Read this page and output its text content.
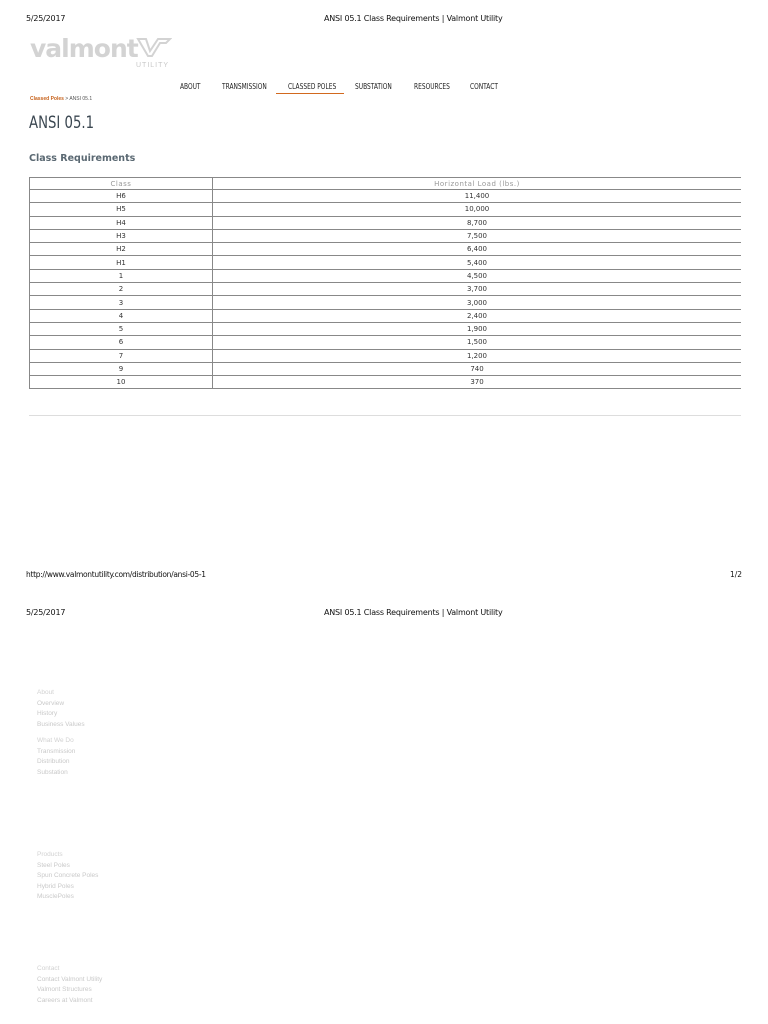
5/25/2017	ANSI 05.1 Class Requirements | Valmont Utility
valmont
UTILITY
ABOUT	TRANSMISSION	CLASSED POLES SUBSTATION	RESOURCES	CONTACT
Classed Poles > ANSI 05.1
ANSI 05.1
Class Requirements
Class	Horizontal Load (lbs.)
H6	11,400
H5	10,000
H4	8,700
H3	7,500
H2	6,400
H1	5,400
1	4,500
2	3,700
3	3,000
4	2,400
5	1,900
6	1,500
7	1,200
9	740
10	370
http://www.valmontutility.com/distribution/ansi-05-1	1/2
5/25/2017	ANSI 05.1 Class Requirements | Valmont Utility
About
Overview
History
Business Values
What We Do
Transmission
Distribution
Substation
Products
Steel Poles
Spun Concrete Poles
Hybrid Poles
MusclePoles
Contact
Contact Valmont Utility
Valmont Structures
Careers at Valmont
